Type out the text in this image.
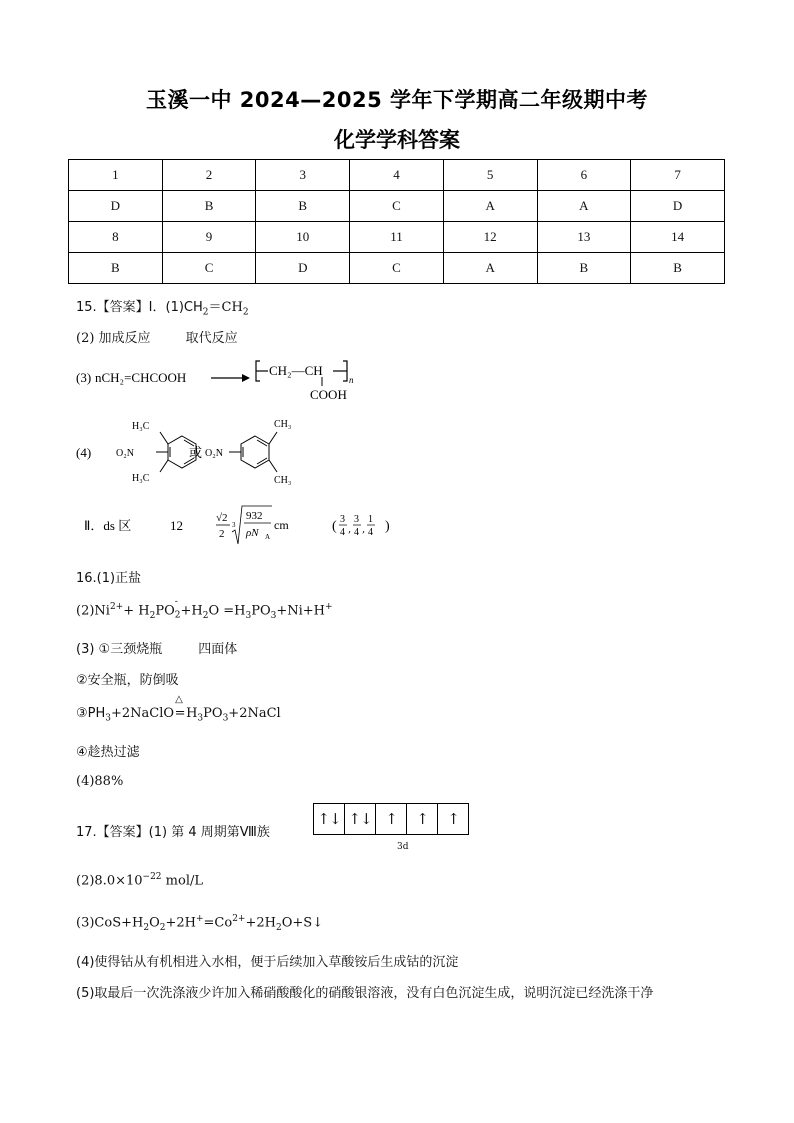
玉溪一中 2024—2025 学年下学期高二年级期中考
化学学科答案
1	2	3	4	5	6	7
D	B	B	C	A	A	D
8	9	10	11	12	13	14
B	C	D	C	A	B	B
15.【答案】Ⅰ．$(1)CH_2=CH_2$
(2) 加成反应	取代反应
(3) nCH₂=CHCOOH	CH₂—CH
n
COOH
(4) O₂N
H₃C
H₃C
或 O₂N
CH₃
CH₃
Ⅱ．ds 区	12	√2
2
3
932
ρN A
cm	( 3
4 ,
3
4 ,
1
4 )
16.(1)正盐
$(2)Ni^{2+}+ H_2PO$
-
$_2+H_2O =H_3PO_3+Ni+H^+$
(3) ①三颈烧瓶	四面体
②安全瓶，防倒吸
$③PH_3+2NaClO$
△
$=H_3PO_3+2NaCl$
④趁热过滤
(4)88%
17.【答案】(1) 第 4 周期第Ⅷ族
↑↓ ↑↓ ↑	↑	↑
3d
$(2)8.0\times 10^{-22}$ mol/L
$(3)CoS+H_2O_2+2H^+=Co^{2+}+2H_2O+S↓$
(4)使得钴从有机相进入水相，便于后续加入草酸铵后生成钴的沉淀
(5)取最后一次洗涤液少许加入稀硝酸酸化的硝酸银溶液，没有白色沉淀生成，说明沉淀已经洗涤干净
